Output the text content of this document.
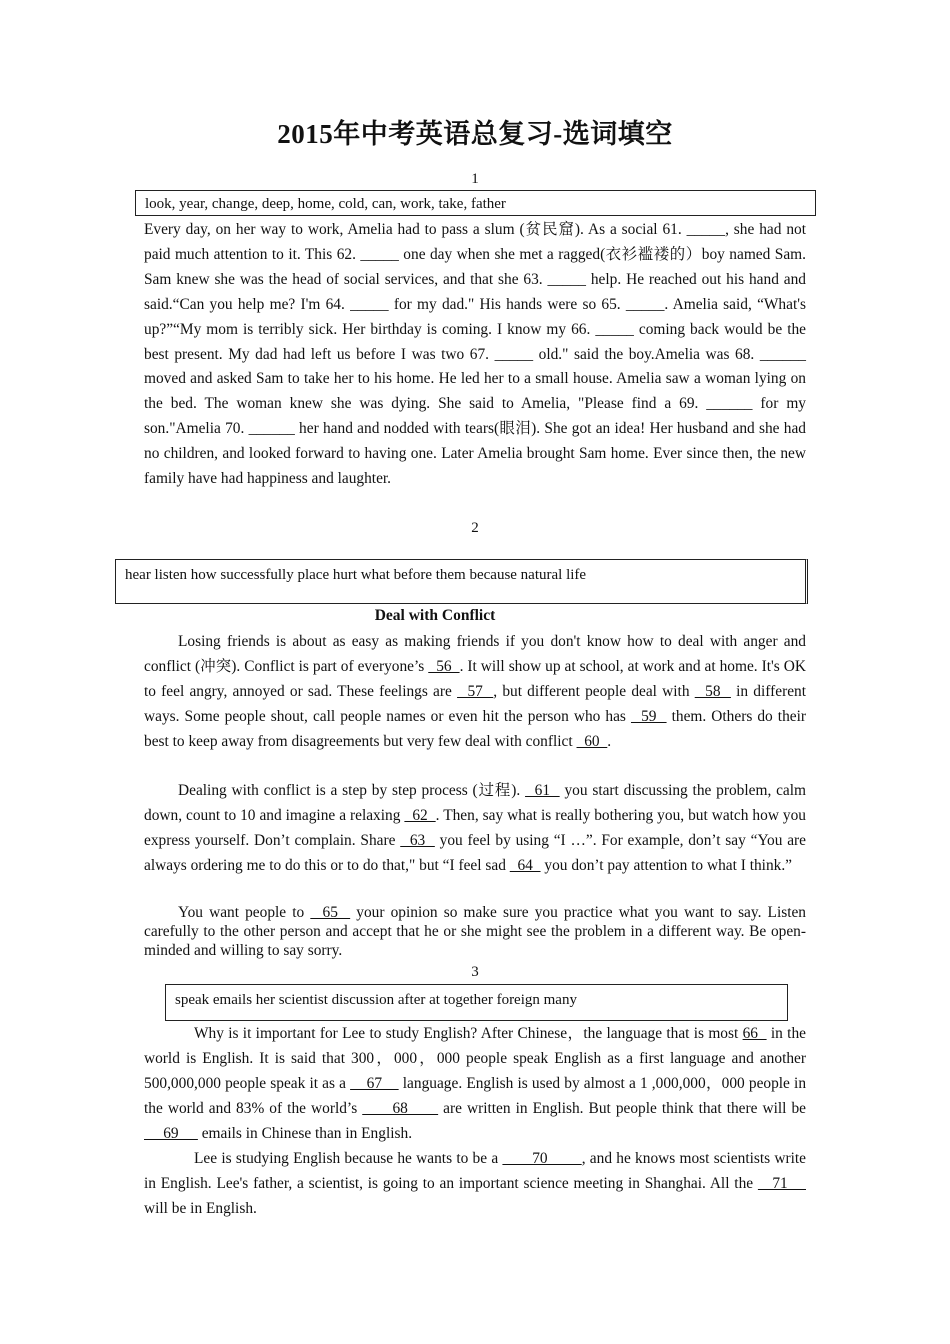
2015年中考英语总复习-选词填空
1
look, year, change, deep, home, cold, can, work, take, father

Every day, on her way to work, Amelia had to pass a slum (贫民窟). As a social 61. _____, she had not paid much attention to it. This 62. _____ one day when she met a ragged(衣衫褴褛的）boy named Sam. Sam knew she was the head of social services, and that she 63. _____ help. He reached out his hand and said.“Can you help me? I'm 64. _____ for my dad." His hands were so 65. _____. Amelia said, “What's up?”“My mom is terribly sick. Her birthday is coming. I know my 66. _____ coming back would be the best present. My dad had left us before I was two 67. _____ old." said the boy.Amelia was 68. ______ moved and asked Sam to take her to his home. He led her to a small house. Amelia saw a woman lying on the bed. The woman knew she was dying. She said to Amelia, "Please find a 69. ______ for my son."Amelia 70. ______ her hand and nodded with tears(眼泪). She got an idea! Her husband and she had no children, and looked forward to having one. Later Amelia brought Sam home. Ever since then, the new family have had happiness and laughter.

2
hear listen how successfully place hurt what before them because natural life
Deal with Conflict

Losing friends is about as easy as making friends if you don't know how to deal with anger and conflict (冲突). Conflict is part of everyone’s   56  . It will show up at school, at work and at home. It's OK to feel angry, annoyed or sad. These feelings are   57  , but different people deal with   58   in different ways. Some people shout, call people names or even hit the person who has   59   them. Others do their best to keep away from disagreements but very few deal with conflict   60  .

Dealing with conflict is a step by step process (过程).   61   you start discussing the problem, calm down, count to 10 and imagine a relaxing   62  . Then, say what is really bothering you, but watch how you express yourself. Don’t complain. Share   63   you feel by using “I …”. For example, don’t say “You are always ordering me to do this or to do that," but “I feel sad   64   you don’t pay attention to what I think.”

You want people to   65   your opinion so make sure you practice what you want to say. Listen carefully to the other person and accept that he or she might see the problem in a different way. Be open-minded and willing to say sorry.

3
speak emails her scientist discussion after at together foreign many

Why is it important for Lee to study English? After Chinese，the language that is most 66   in the world is English. It is said that 300，000，000 people speak English as a first language and another 500,000,000 people speak it as a     67     language. English is used by almost a 1 ,000,000，000 people in the world and 83% of the world’s       68       are written in English. But people think that there will be      69      emails in Chinese than in English.

Lee is studying English because he wants to be a        70        , and he knows most scientists write in English. Lee's father, a scientist, is going to an important science meeting in Shanghai. All the    71     will be in English.
